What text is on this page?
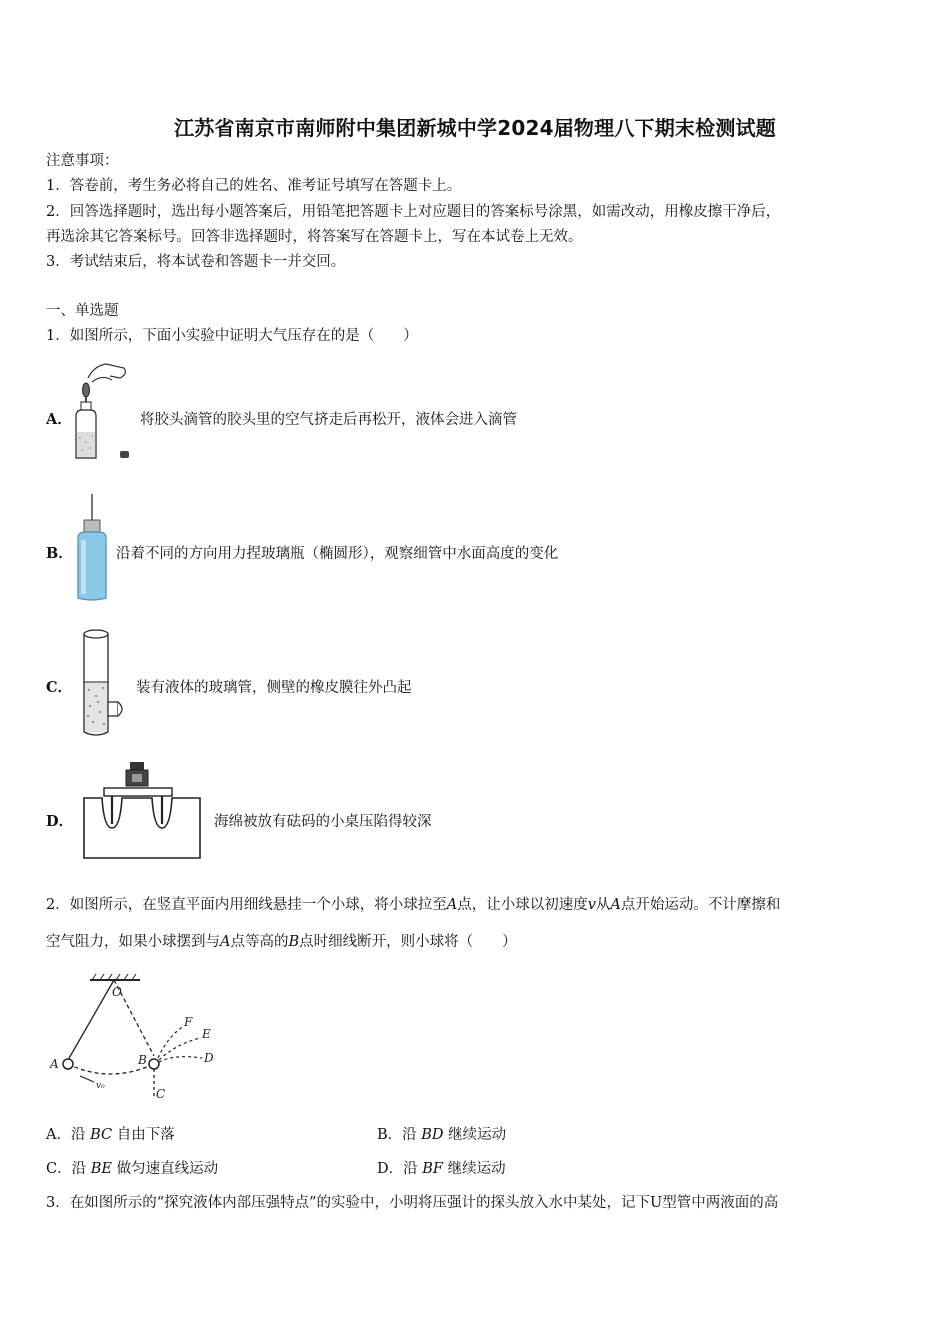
江苏省南京市南师附中集团新城中学2024届物理八下期末检测试题
注意事项：
1．答卷前，考生务必将自己的姓名、准考证号填写在答题卡上。
2．回答选择题时，选出每小题答案后，用铅笔把答题卡上对应题目的答案标号涂黑，如需改动，用橡皮擦干净后，
再选涂其它答案标号。回答非选择题时，将答案写在答题卡上，写在本试卷上无效。
3．考试结束后，将本试卷和答题卡一并交回。
一、单选题
1．如图所示，下面小实验中证明大气压存在的是（　　）
A．	将胶头滴管的胶头里的空气挤走后再松开，液体会进入滴管
B．	沿着不同的方向用力捏玻璃瓶（椭圆形），观察细管中水面高度的变化
C．	装有液体的玻璃管，侧壁的橡皮膜往外凸起
D．	海绵被放有砝码的小桌压陷得较深
2．如图所示，在竖直平面内用细线悬挂一个小球，将小球拉至A点，让小球以初速度v从A点开始运动。不计摩擦和
空气阻力，如果小球摆到与A点等高的B点时细线断开，则小球将（　　）
O
A	B
C
D
E
F
v₀
A．沿 BC 自由下落	B．沿 BD 继续运动
C．沿 BE 做匀速直线运动	D．沿 BF 继续运动
3．在如图所示的“探究液体内部压强特点”的实验中，小明将压强计的探头放入水中某处，记下U型管中两液面的高
